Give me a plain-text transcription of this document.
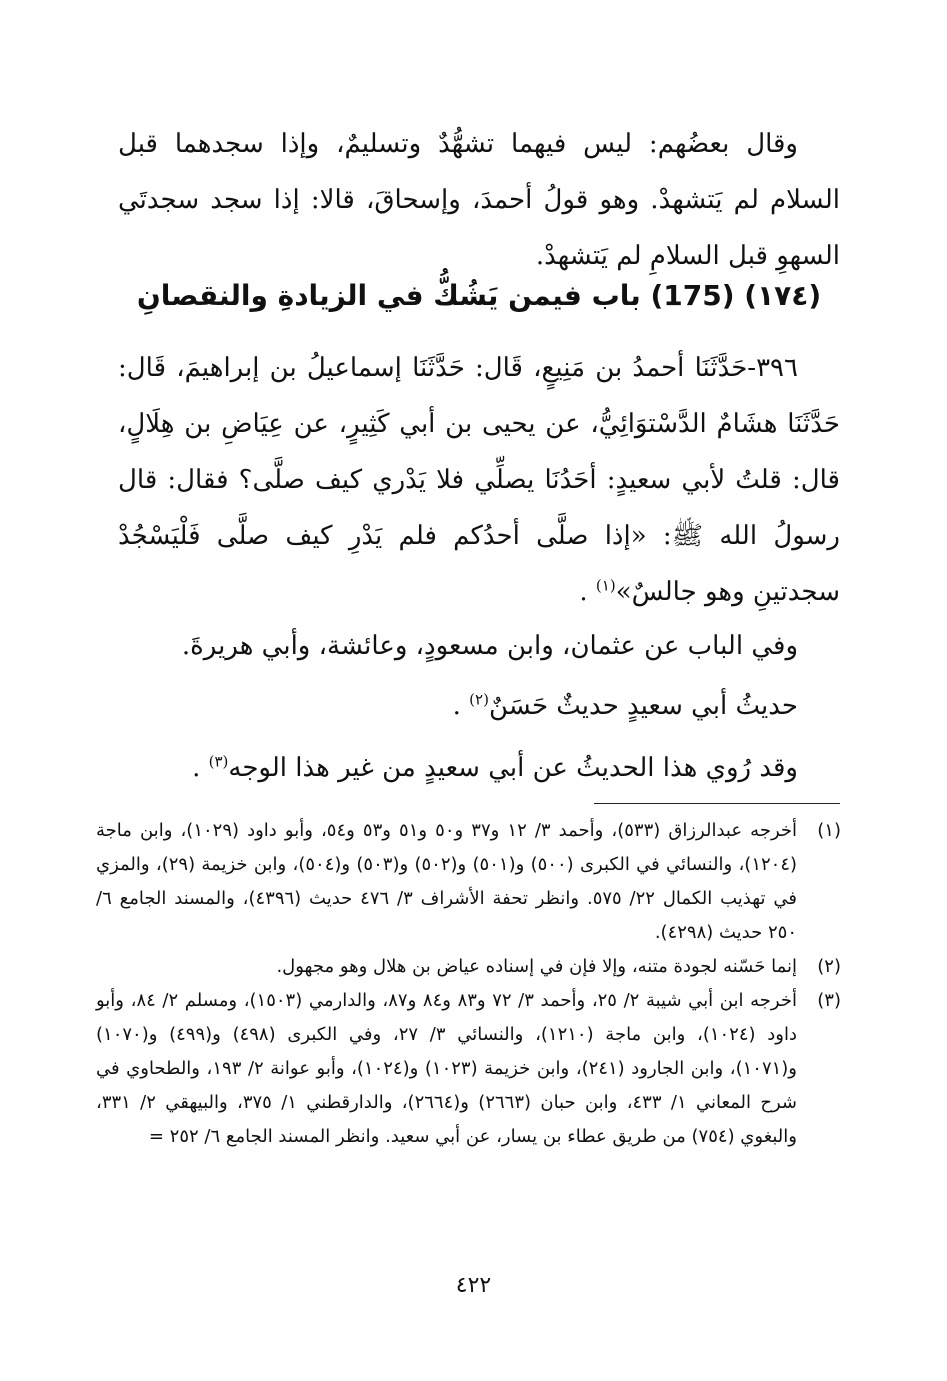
وقال بعضُهم: ليس فيهما تشهُّدٌ وتسليمٌ، وإذا سجدهما قبل السلام لم يَتشهدْ. وهو قولُ أحمدَ، وإسحاقَ، قالا: إذا سجد سجدتَي السهوِ قبل السلامِ لم يَتشهدْ.

(١٧٤) (175) باب فيمن يَشُكُّ في الزيادةِ والنقصانِ

٣٩٦-حَدَّثَنَا أحمدُ بن مَنِيعٍ، قَال: حَدَّثَنَا إسماعيلُ بن إبراهيمَ، قَال: حَدَّثَنَا هشَامٌ الدَّسْتوَائِيُّ، عن يحيى بن أبي كَثِيرٍ، عن عِيَاضِ بن هِلَالٍ، قال: قلتُ لأبي سعيدٍ: أحَدُنَا يصلِّي فلا يَدْري كيف صلَّى؟ فقال: قال رسولُ الله ﷺ: «إذا صلَّى أحدُكم فلم يَدْرِ كيف صلَّى فَلْيَسْجُدْ سجدتينِ وهو جالسٌ»$^{(١)}$ .

وفي الباب عن عثمان، وابن مسعودٍ، وعائشة، وأبي هريرةَ.
حديثُ أبي سعيدٍ حديثٌ حَسَنٌ$^{(٢)}$ .
وقد رُوي هذا الحديثُ عن أبي سعيدٍ من غير هذا الوجه$^{(٣)}$ .
(١)
أخرجه عبدالرزاق (٥٣٣)، وأحمد ٣/ ١٢ و٣٧ و٥٠ و٥١ و٥٣ و٥٤، وأبو داود (١٠٢٩)، وابن ماجة (١٢٠٤)، والنسائي في الكبرى (٥٠٠) و(٥٠١) و(٥٠٢) و(٥٠٣) و(٥٠٤)، وابن خزيمة (٢٩)، والمزي في تهذيب الكمال ٢٢/ ٥٧٥. وانظر تحفة الأشراف ٣/ ٤٧٦ حديث (٤٣٩٦)، والمسند الجامع ٦/ ٢٥٠ حديث (٤٢٩٨).
(٢)
إنما حَسّنه لجودة متنه، وإلا فإن في إسناده عياض بن هلال وهو مجهول.
(٣)
أخرجه ابن أبي شيبة ٢/ ٢٥، وأحمد ٣/ ٧٢ و٨٣ و٨٤ و٨٧، والدارمي (١٥٠٣)، ومسلم ٢/ ٨٤، وأبو داود (١٠٢٤)، وابن ماجة (١٢١٠)، والنسائي ٣/ ٢٧، وفي الكبرى (٤٩٨) و(٤٩٩) و(١٠٧٠) و(١٠٧١)، وابن الجارود (٢٤١)، وابن خزيمة (١٠٢٣) و(١٠٢٤)، وأبو عوانة ٢/ ١٩٣، والطحاوي في شرح المعاني ١/ ٤٣٣، وابن حبان (٢٦٦٣) و(٢٦٦٤)، والدارقطني ١/ ٣٧٥، والبيهقي ٢/ ٣٣١، والبغوي (٧٥٤) من طريق عطاء بن يسار، عن أبي سعيد. وانظر المسند الجامع ٦/ ٢٥٢ =
٤٢٢
